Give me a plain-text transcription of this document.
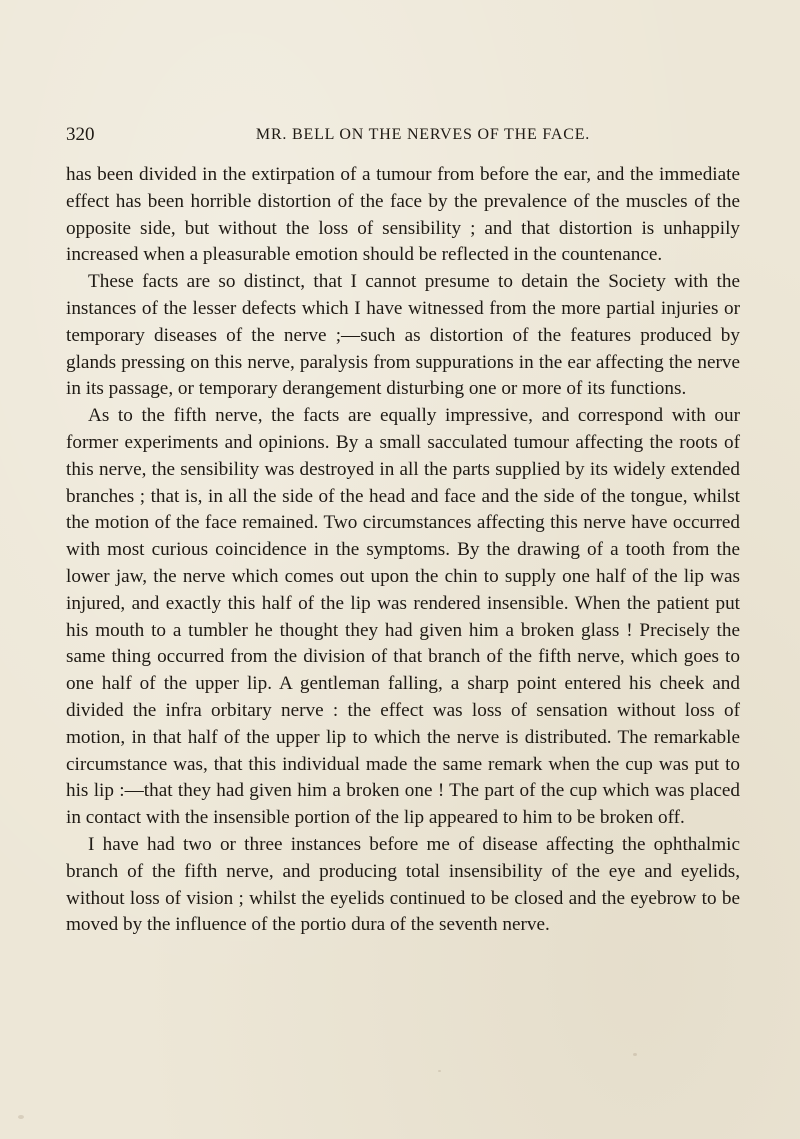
320	MR. BELL ON THE NERVES OF THE FACE.

has been divided in the extirpation of a tumour from before the ear, and the immediate effect has been horrible distortion of the face by the prevalence of the muscles of the opposite side, but without the loss of sensibility ; and that distortion is unhappily increased when a pleasurable emotion should be reflected in the countenance.

These facts are so distinct, that I cannot presume to detain the Society with the instances of the lesser defects which I have witnessed from the more partial injuries or temporary diseases of the nerve ;—such as distortion of the features produced by glands pressing on this nerve, paralysis from suppurations in the ear affecting the nerve in its passage, or temporary derangement disturbing one or more of its functions.

As to the fifth nerve, the facts are equally impressive, and correspond with our former experiments and opinions. By a small sacculated tumour affecting the roots of this nerve, the sensibility was destroyed in all the parts supplied by its widely extended branches ; that is, in all the side of the head and face and the side of the tongue, whilst the motion of the face remained. Two circumstances affecting this nerve have occurred with most curious coincidence in the symptoms. By the drawing of a tooth from the lower jaw, the nerve which comes out upon the chin to supply one half of the lip was injured, and exactly this half of the lip was rendered insensible. When the patient put his mouth to a tumbler he thought they had given him a broken glass ! Precisely the same thing occurred from the division of that branch of the fifth nerve, which goes to one half of the upper lip. A gentleman falling, a sharp point entered his cheek and divided the infra orbitary nerve : the effect was loss of sensation without loss of motion, in that half of the upper lip to which the nerve is distributed. The remarkable circumstance was, that this individual made the same remark when the cup was put to his lip :—that they had given him a broken one ! The part of the cup which was placed in contact with the insensible portion of the lip appeared to him to be broken off.

I have had two or three instances before me of disease affecting the ophthalmic branch of the fifth nerve, and producing total insensibility of the eye and eyelids, without loss of vision ; whilst the eyelids continued to be closed and the eyebrow to be moved by the influence of the portio dura of the seventh nerve.
